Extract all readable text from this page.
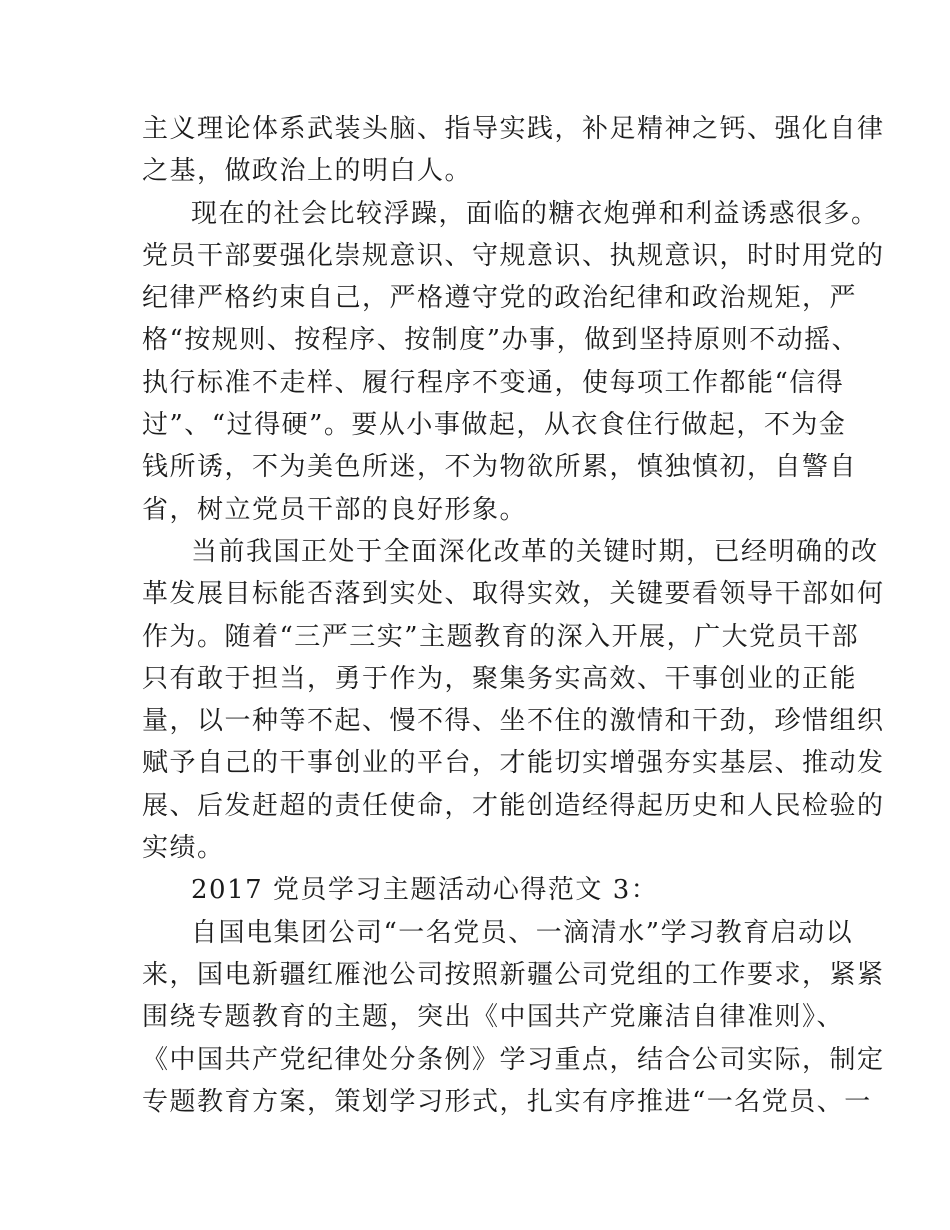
主义理论体系武装头脑、指导实践，补足精神之钙、强化自律
之基，做政治上的明白人。
现在的社会比较浮躁，面临的糖衣炮弹和利益诱惑很多。
党员干部要强化崇规意识、守规意识、执规意识，时时用党的
纪律严格约束自己，严格遵守党的政治纪律和政治规矩，严
格“按规则、按程序、按制度”办事，做到坚持原则不动摇、
执行标准不走样、履行程序不变通，使每项工作都能“信得
过”、“过得硬”。要从小事做起，从衣食住行做起，不为金
钱所诱，不为美色所迷，不为物欲所累，慎独慎初，自警自
省，树立党员干部的良好形象。
当前我国正处于全面深化改革的关键时期，已经明确的改
革发展目标能否落到实处、取得实效，关键要看领导干部如何
作为。随着“三严三实”主题教育的深入开展，广大党员干部
只有敢于担当，勇于作为，聚集务实高效、干事创业的正能
量，以一种等不起、慢不得、坐不住的激情和干劲，珍惜组织
赋予自己的干事创业的平台，才能切实增强夯实基层、推动发
展、后发赶超的责任使命，才能创造经得起历史和人民检验的
实绩。
2017 党员学习主题活动心得范文 3：
自国电集团公司“一名党员、一滴清水”学习教育启动以
来，国电新疆红雁池公司按照新疆公司党组的工作要求，紧紧
围绕专题教育的主题，突出《中国共产党廉洁自律准则》、
《中国共产党纪律处分条例》学习重点，结合公司实际，制定
专题教育方案，策划学习形式，扎实有序推进“一名党员、一
